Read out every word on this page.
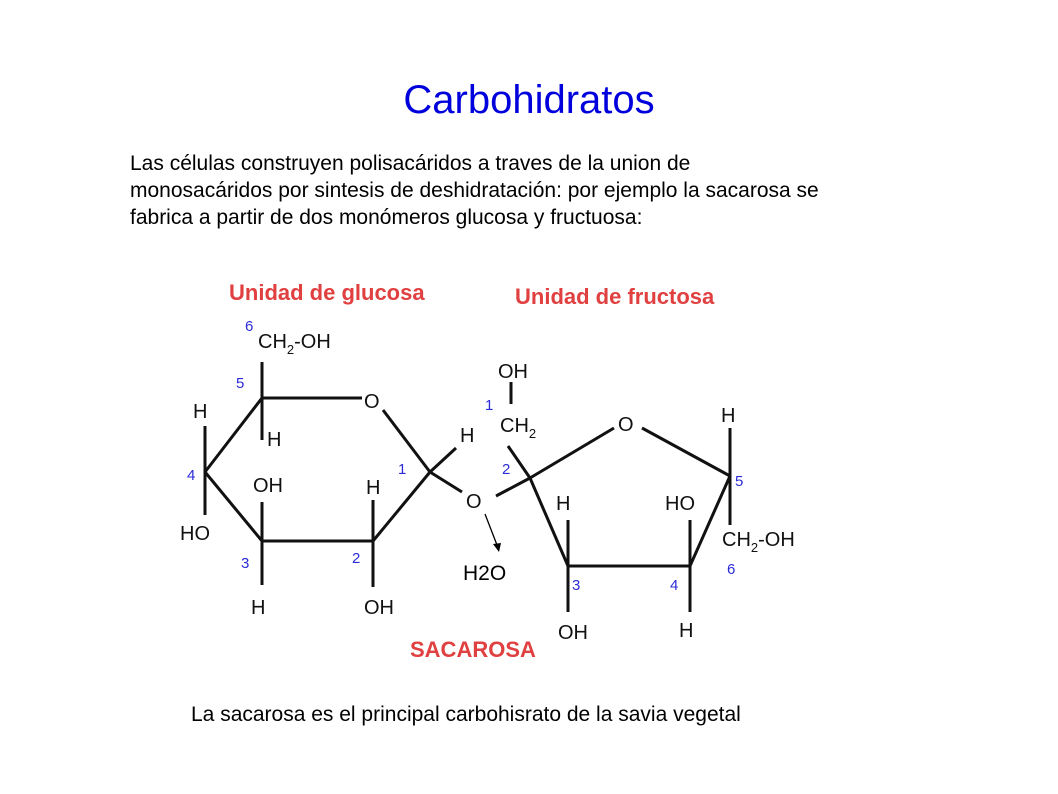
Carbohidratos
Las células construyen polisacáridos a traves de la union de
monosacáridos por sintesis de deshidratación: por ejemplo la sacarosa se
fabrica a partir de dos monómeros glucosa y fructuosa:
Unidad de glucosa	Unidad de fructosa
SACAROSA
$CH_2-OH$
O
H
HO
H
OH
H
H
OH
H
6
5
4
3	2
1
O
H2O
OH
$CH_2$	O
H
H
HO
$CH_2-OH$
OH	H
1
2
3	4
5
6
La sacarosa es el principal carbohisrato de la savia vegetal
